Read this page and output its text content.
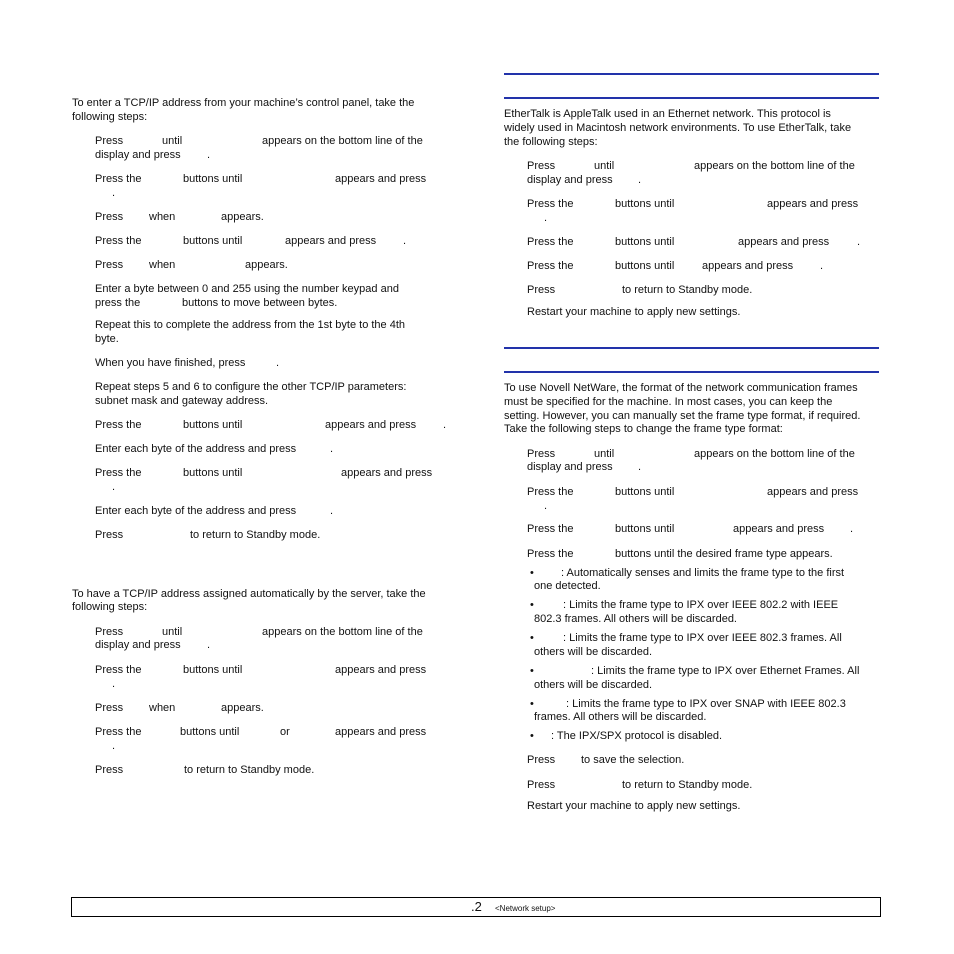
To enter a TCP/IP address from your machine’s control panel, take the
following steps:
Press	until	appears on the bottom line of the
display and press .
Press the	buttons until	appears and press
.
Press when	appears.
Press the	buttons until	appears and press .
Press when	appears.
Enter a byte between 0 and 255 using the number keypad and
press the	buttons to move between bytes.
Repeat this to complete the address from the 1st byte to the 4th
byte.
When you have finished, press	.
Repeat steps 5 and 6 to configure the other TCP/IP parameters:
subnet mask and gateway address.
Press the	buttons until	appears and press .
Enter each byte of the address and press	.
Press the	buttons until	appears and press
.
Enter each byte of the address and press	.
Press	to return to Standby mode.
To have a TCP/IP address assigned automatically by the server, take the
following steps:
Press	until	appears on the bottom line of the
display and press .
Press the	buttons until	appears and press
.
Press when	appears.
Press the	buttons until	or	appears and press
.
Press	to return to Standby mode.
EtherTalk is AppleTalk used in an Ethernet network. This protocol is
widely used in Macintosh network environments. To use EtherTalk, take
the following steps:
Press	until	appears on the bottom line of the
display and press .
Press the	buttons until	appears and press
.
Press the	buttons until	appears and press	.
Press the	buttons until	appears and press .
Press	to return to Standby mode.
Restart your machine to apply new settings.
To use Novell NetWare, the format of the network communication frames
must be specified for the machine. In most cases, you can keep the
setting. However, you can manually set the frame type format, if required.
Take the following steps to change the frame type format:
Press	until	appears on the bottom line of the
display and press .
Press the	buttons until	appears and press
.
Press the	buttons until	appears and press .
Press the	buttons until the desired frame type appears.
• : Automatically senses and limits the frame type to the first
one detected.
•	: Limits the frame type to IPX over IEEE 802.2 with IEEE
802.3 frames. All others will be discarded.
•	: Limits the frame type to IPX over IEEE 802.3 frames. All
others will be discarded.
•	: Limits the frame type to IPX over Ethernet Frames. All
others will be discarded.
•	: Limits the frame type to IPX over SNAP with IEEE 802.3
frames. All others will be discarded.
• : The IPX/SPX protocol is disabled.
Press to save the selection.
Press	to return to Standby mode.
Restart your machine to apply new settings.
.2 <Network setup>
